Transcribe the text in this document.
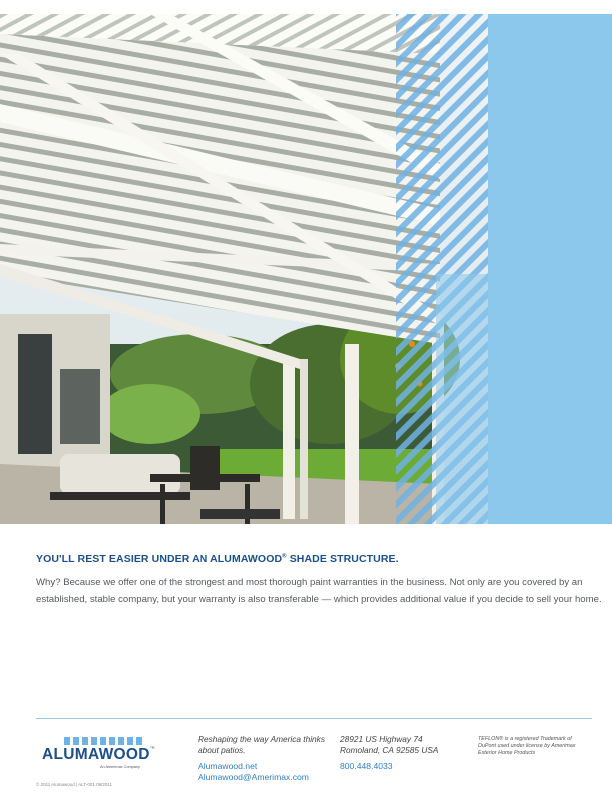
YOU'LL REST EASIER UNDER AN ALUMAWOOD® SHADE STRUCTURE.

Why? Because we offer one of the strongest and most thorough paint warranties in the business. Not only are you covered by an established, stable company, but your warranty is also transferable — which provides additional value if you decide to sell your home.

ALUMAWOOD™
An Amerimax Company
Reshaping the way America thinks about patios.
Alumawood.net
Alumawood@Amerimax.com
28921 US Highway 74
Romoland, CA 92585 USA
800.448.4033
TEFLON® is a registered Trademark of DuPont used under license by Amerimax Exterior Home Products
© 2011 Alumawood | ALT-001 09/2011
